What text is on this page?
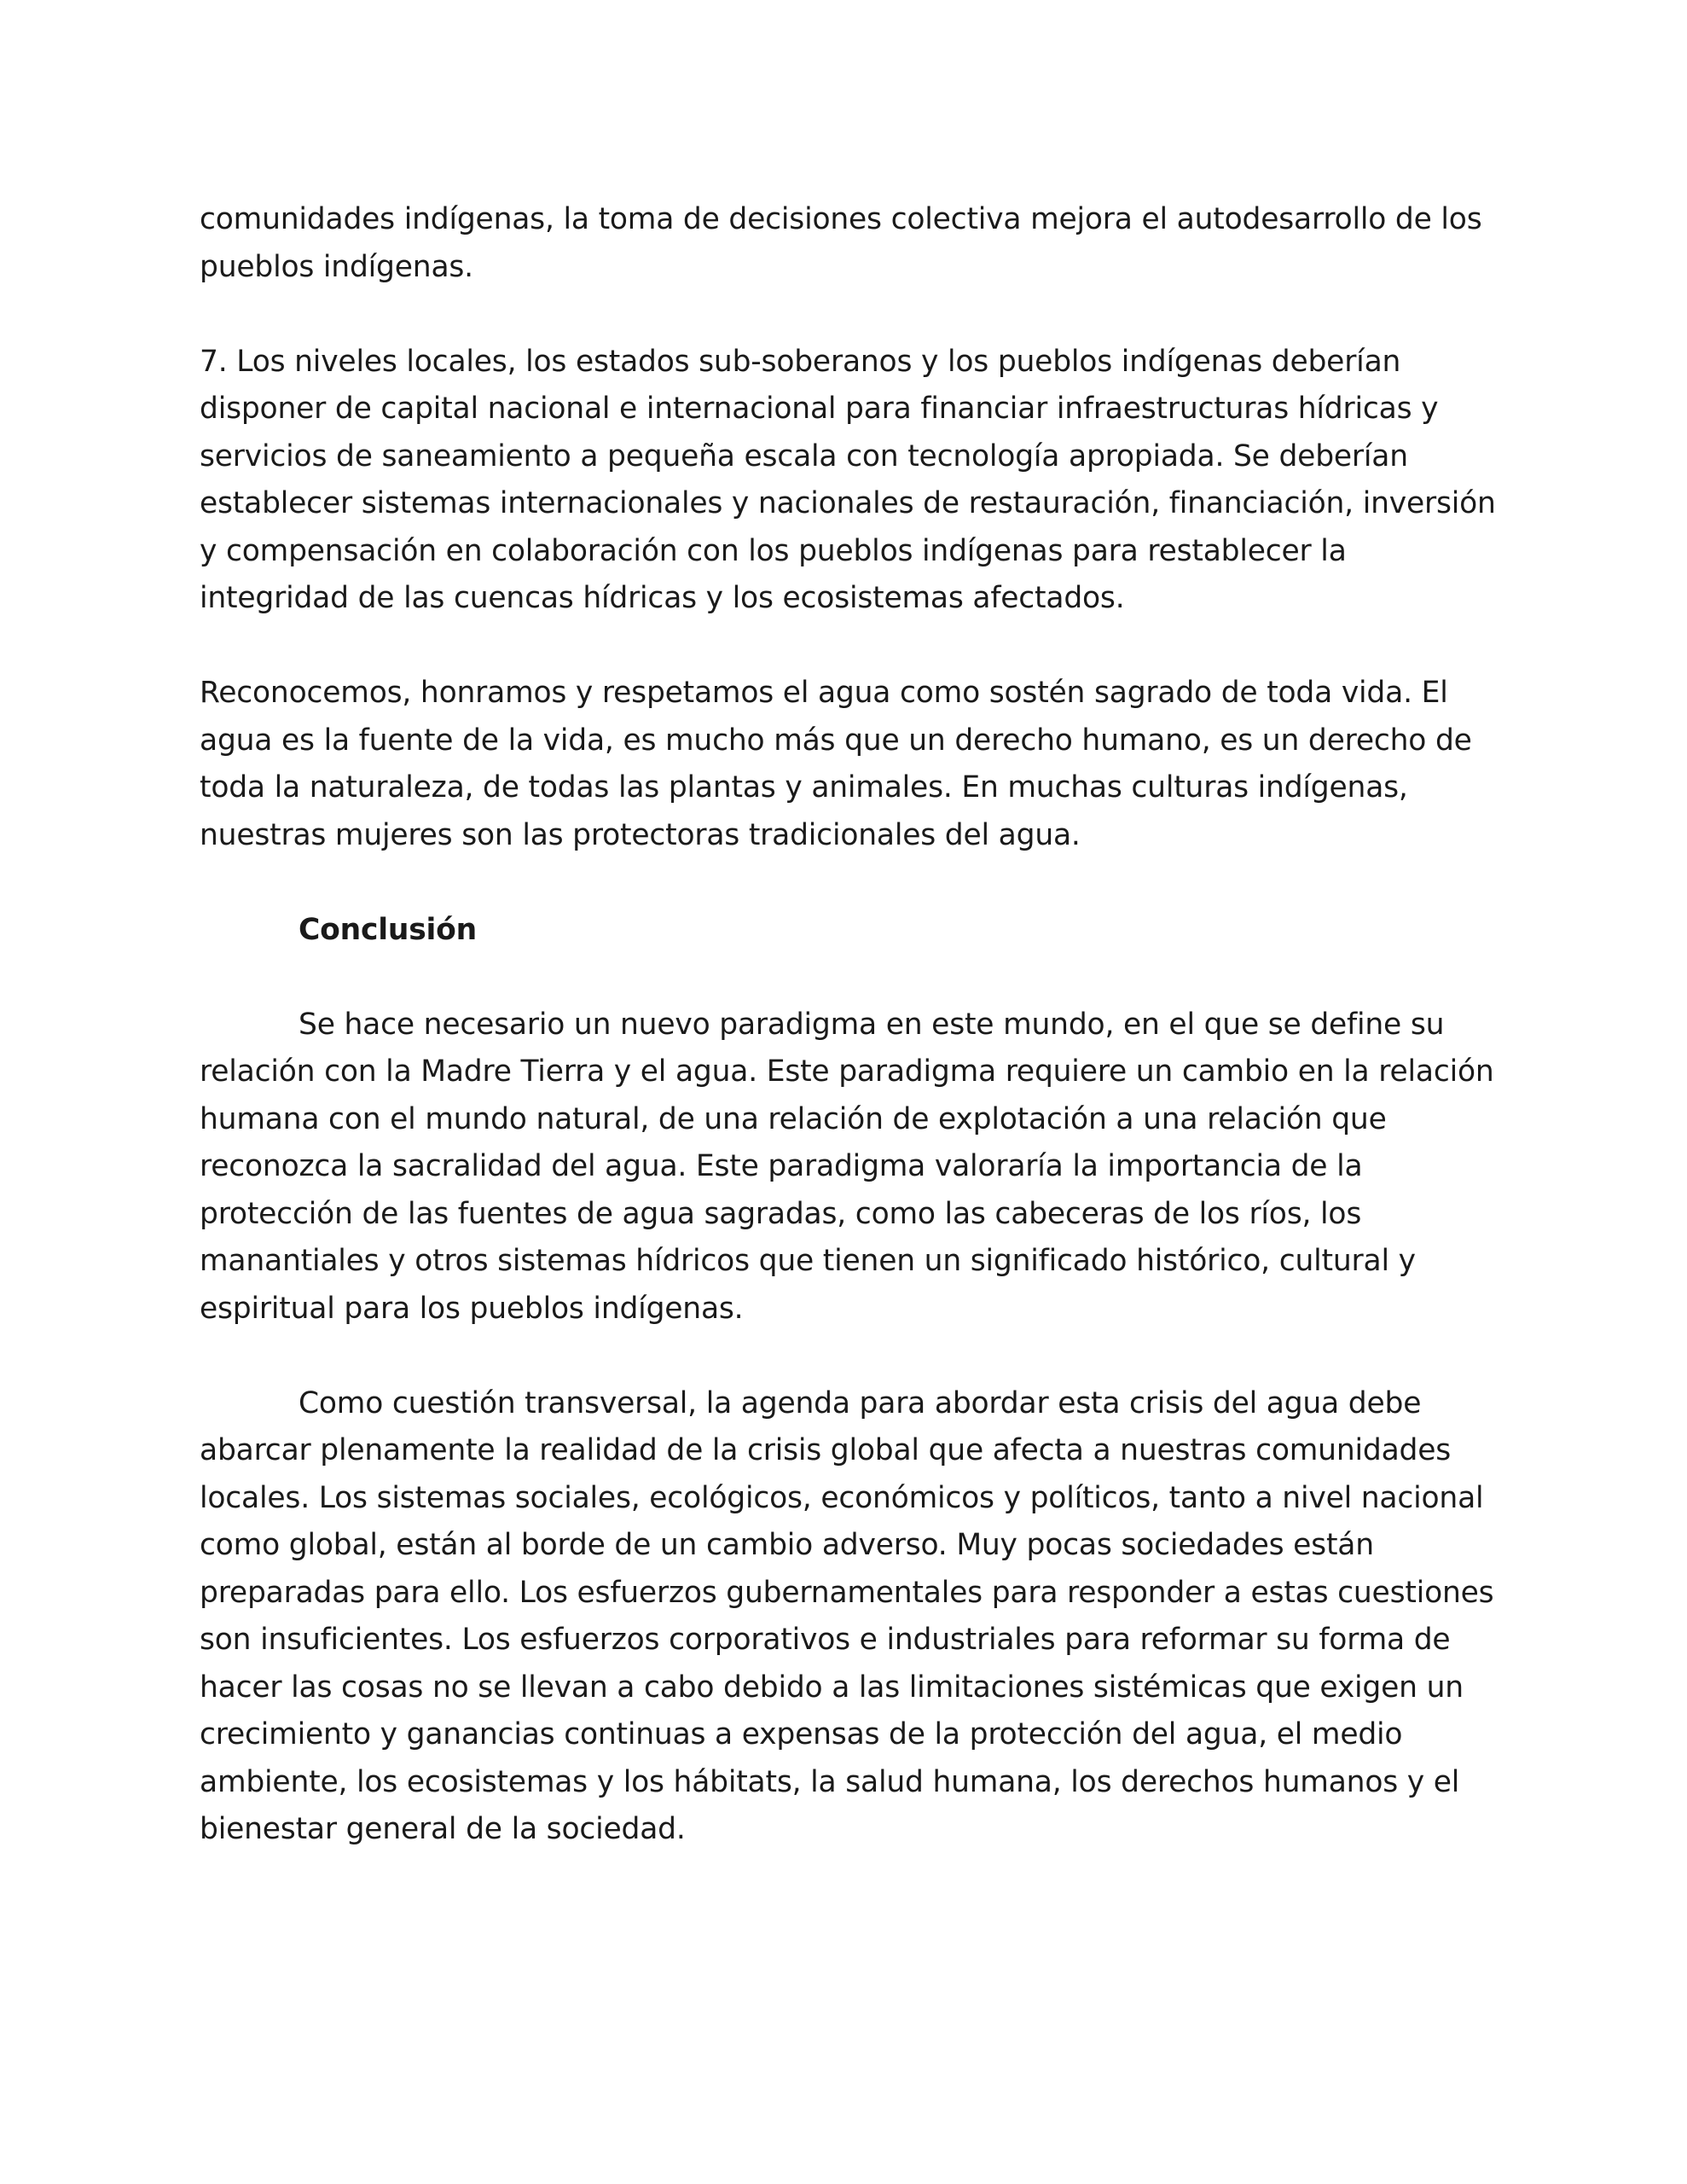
comunidades indígenas, la toma de decisiones colectiva mejora el autodesarrollo de los pueblos indígenas.

7. Los niveles locales, los estados sub-soberanos y los pueblos indígenas deberían disponer de capital nacional e internacional para financiar infraestructuras hídricas y servicios de saneamiento a pequeña escala con tecnología apropiada. Se deberían establecer sistemas internacionales y nacionales de restauración, financiación, inversión y compensación en colaboración con los pueblos indígenas para restablecer la integridad de las cuencas hídricas y los ecosistemas afectados.

Reconocemos, honramos y respetamos el agua como sostén sagrado de toda vida. El agua es la fuente de la vida, es mucho más que un derecho humano, es un derecho de toda la naturaleza, de todas las plantas y animales. En muchas culturas indígenas, nuestras mujeres son las protectoras tradicionales del agua.

Conclusión

Se hace necesario un nuevo paradigma en este mundo, en el que se define su relación con la Madre Tierra y el agua. Este paradigma requiere un cambio en la relación humana con el mundo natural, de una relación de explotación a una relación que reconozca la sacralidad del agua. Este paradigma valoraría la importancia de la protección de las fuentes de agua sagradas, como las cabeceras de los ríos, los manantiales y otros sistemas hídricos que tienen un significado histórico, cultural y espiritual para los pueblos indígenas.

Como cuestión transversal, la agenda para abordar esta crisis del agua debe abarcar plenamente la realidad de la crisis global que afecta a nuestras comunidades locales. Los sistemas sociales, ecológicos, económicos y políticos, tanto a nivel nacional como global, están al borde de un cambio adverso. Muy pocas sociedades están preparadas para ello. Los esfuerzos gubernamentales para responder a estas cuestiones son insuficientes. Los esfuerzos corporativos e industriales para reformar su forma de hacer las cosas no se llevan a cabo debido a las limitaciones sistémicas que exigen un crecimiento y ganancias continuas a expensas de la protección del agua, el medio ambiente, los ecosistemas y los hábitats, la salud humana, los derechos humanos y el bienestar general de la sociedad.
